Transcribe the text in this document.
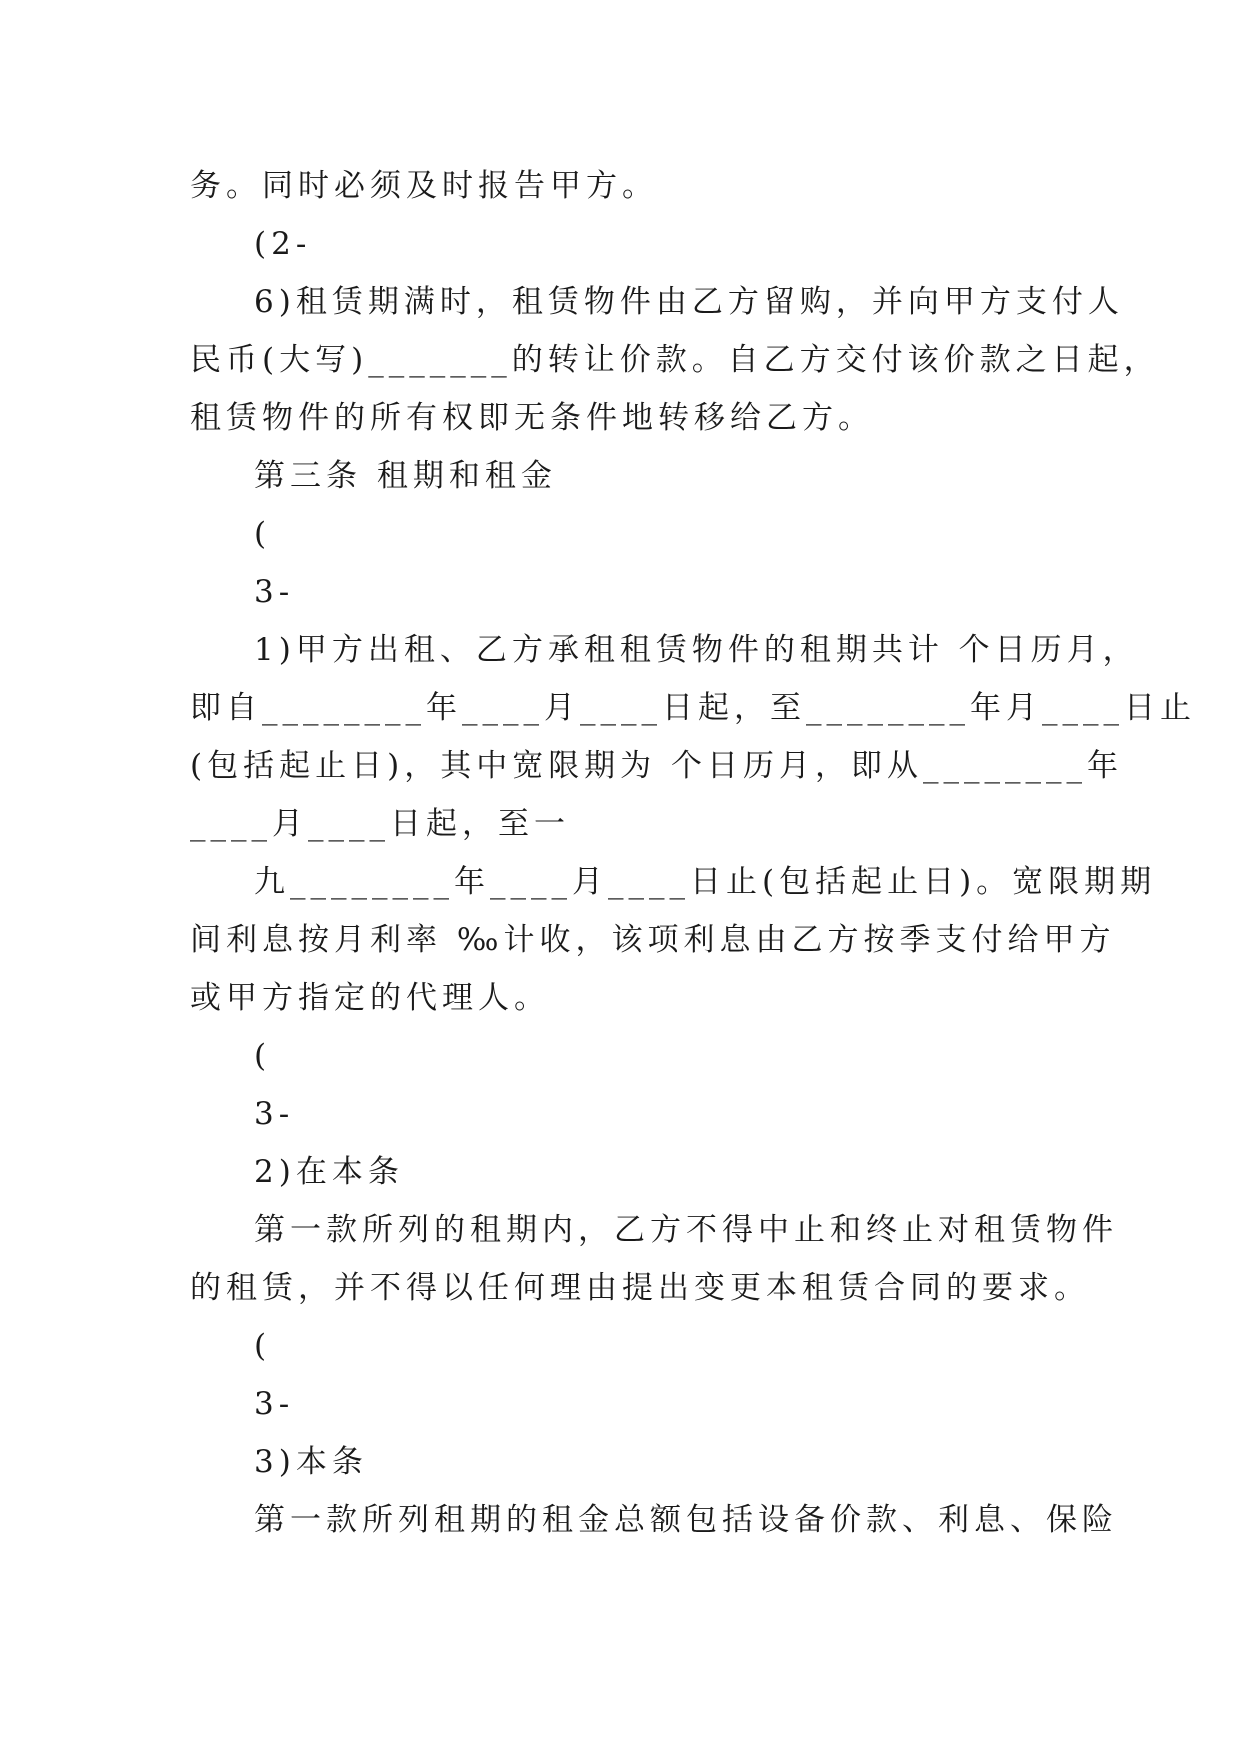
务。同时必须及时报告甲方。
(2-
6)租赁期满时，租赁物件由乙方留购，并向甲方支付人
民币(大写)_______的转让价款。自乙方交付该价款之日起，
租赁物件的所有权即无条件地转移给乙方。
第三条 租期和租金
(
3-
1)甲方出租、乙方承租租赁物件的租期共计 个日历月，
即自________年____月____日起，至________年月____日止
(包括起止日)，其中宽限期为 个日历月，即从________年
____月____日起，至一
九________年____月____日止(包括起止日)。宽限期期
间利息按月利率 ‰计收，该项利息由乙方按季支付给甲方
或甲方指定的代理人。
(
3-
2)在本条
第一款所列的租期内，乙方不得中止和终止对租赁物件
的租赁，并不得以任何理由提出变更本租赁合同的要求。
(
3-
3)本条
第一款所列租期的租金总额包括设备价款、利息、保险
